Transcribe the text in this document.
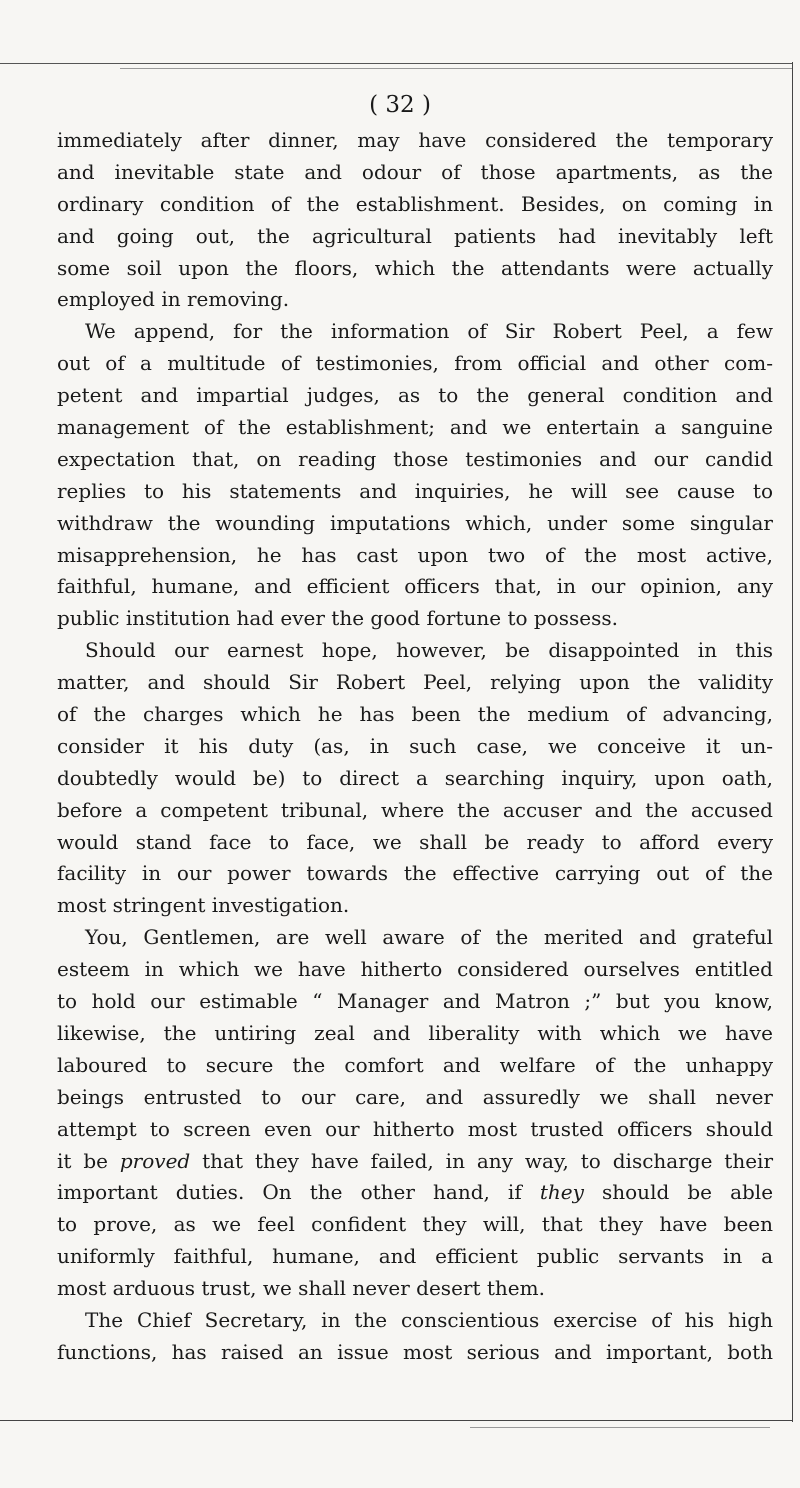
( 32 )

immediately after dinner, may have considered the temporary
and inevitable state and odour of those apartments, as the
ordinary condition of the establishment. Besides, on coming in
and going out, the agricultural patients had inevitably left
some soil upon the floors, which the attendants were actually
employed in removing.
We append, for the information of Sir Robert Peel, a few
out of a multitude of testimonies, from official and other com-
petent and impartial judges, as to the general condition and
management of the establishment; and we entertain a sanguine
expectation that, on reading those testimonies and our candid
replies to his statements and inquiries, he will see cause to
withdraw the wounding imputations which, under some singular
misapprehension, he has cast upon two of the most active,
faithful, humane, and efficient officers that, in our opinion, any
public institution had ever the good fortune to possess.
Should our earnest hope, however, be disappointed in this
matter, and should Sir Robert Peel, relying upon the validity
of the charges which he has been the medium of advancing,
consider it his duty (as, in such case, we conceive it un-
doubtedly would be) to direct a searching inquiry, upon oath,
before a competent tribunal, where the accuser and the accused
would stand face to face, we shall be ready to afford every
facility in our power towards the effective carrying out of the
most stringent investigation.
You, Gentlemen, are well aware of the merited and grateful
esteem in which we have hitherto considered ourselves entitled
to hold our estimable “ Manager and Matron ;” but you know,
likewise, the untiring zeal and liberality with which we have
laboured to secure the comfort and welfare of the unhappy
beings entrusted to our care, and assuredly we shall never
attempt to screen even our hitherto most trusted officers should
it be proved that they have failed, in any way, to discharge their
important duties. On the other hand, if they should be able
to prove, as we feel confident they will, that they have been
uniformly faithful, humane, and efficient public servants in a
most arduous trust, we shall never desert them.
The Chief Secretary, in the conscientious exercise of his high
functions, has raised an issue most serious and important, both
